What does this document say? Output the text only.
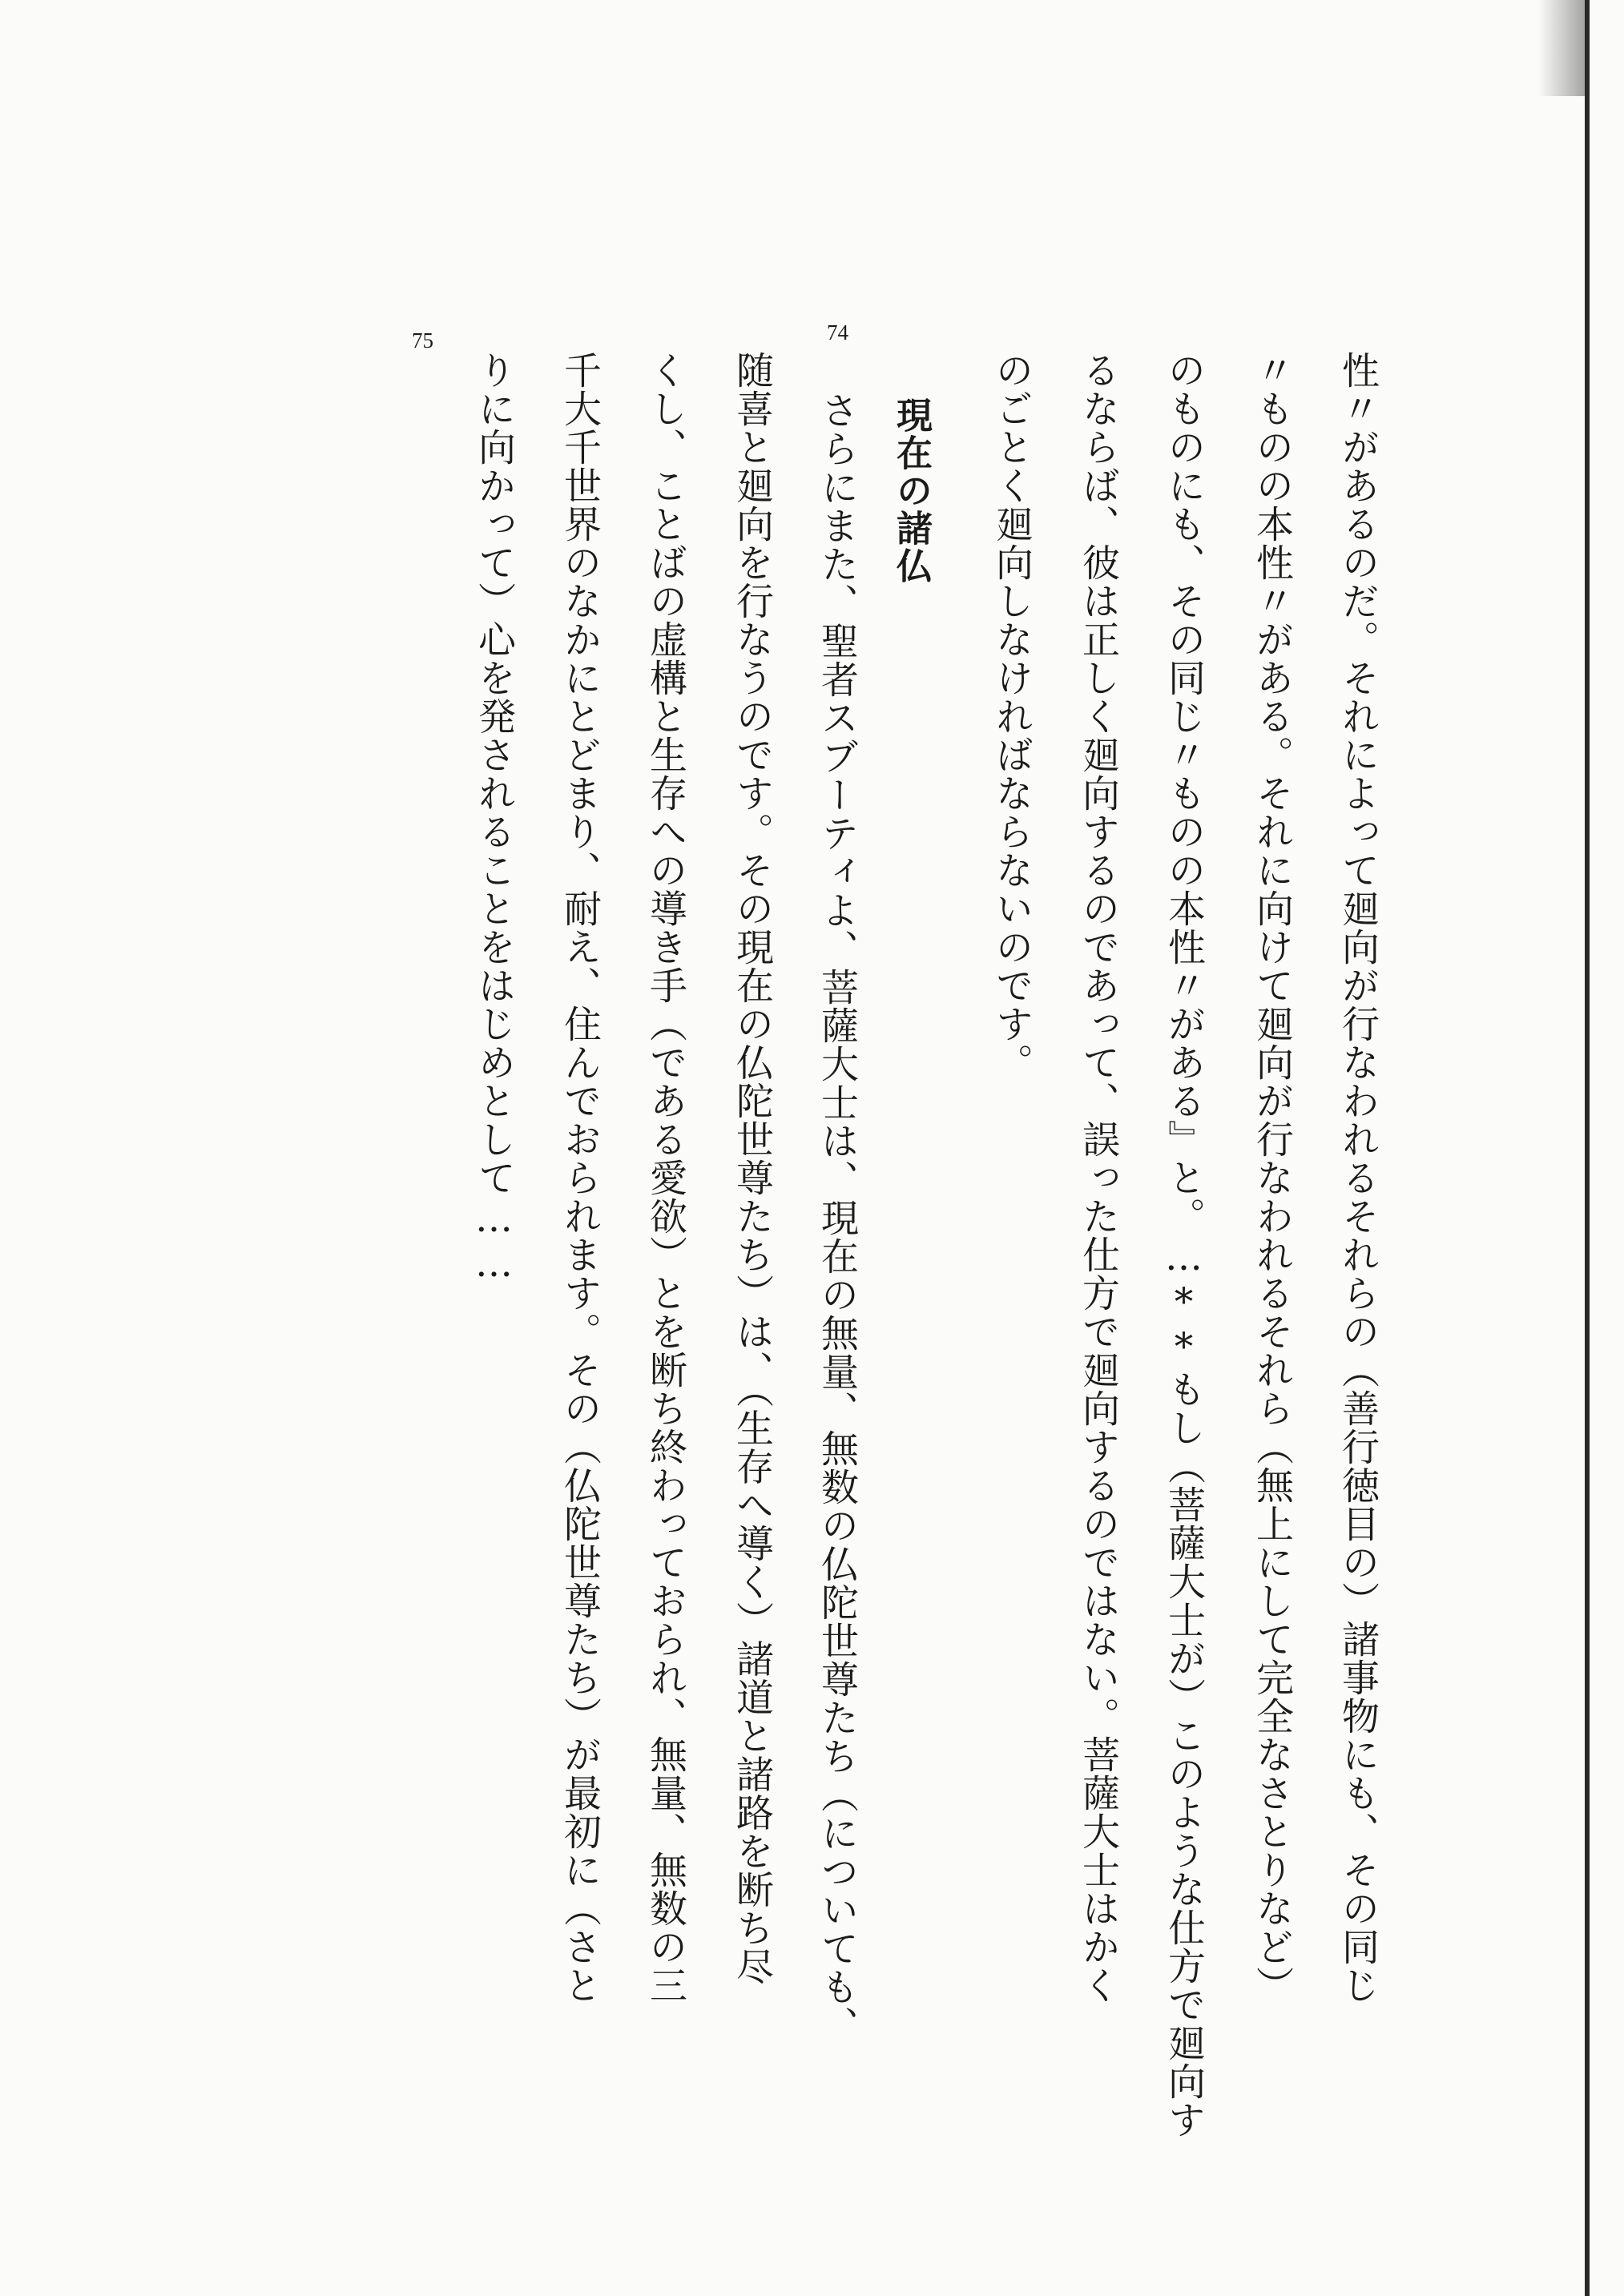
性〃があるのだ。それによって廻向が行なわれるそれらの（善行徳目の）諸事物にも、その同じ
〃ものの本性〃がある。それに向けて廻向が行なわれるそれら（無上にして完全なさとりなど）
のものにも、その同じ〃ものの本性〃がある』と。…**もし（菩薩大士が）このような仕方で廻向す
るならば、彼は正しく廻向するのであって、誤った仕方で廻向するのではない。菩薩大士はかく
のごとく廻向しなければならないのです。
74
現在の諸仏
さらにまた、聖者スブーティよ、菩薩大士は、現在の無量、無数の仏陀世尊たち（についても、
随喜と廻向を行なうのです。その現在の仏陀世尊たち）は、（生存へ導く）諸道と諸路を断ち尽
くし、ことばの虚構と生存への導き手（である愛欲）とを断ち終わっておられ、無量、無数の三
千大千世界のなかにとどまり、耐え、住んでおられます。その（仏陀世尊たち）が最初に（さと
りに向かって）心を発されることをはじめとして……
75
